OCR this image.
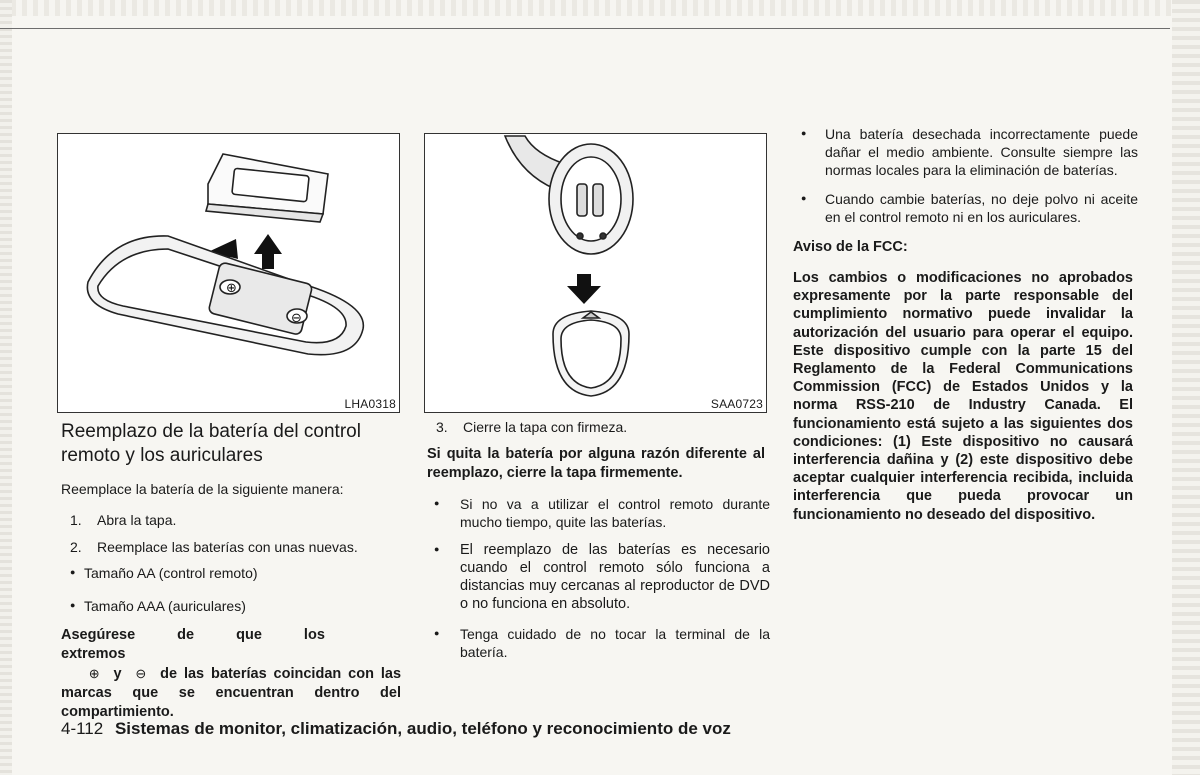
⊕
⊖
LHA0318	SAA0723
Reemplazo de la batería del control remoto y los auriculares

Reemplace la batería de la siguiente manera:

1.	Abra la tapa.
2.	Reemplace las baterías con unas nuevas.
●
Tamaño AA (control remoto)
●
Tamaño AAA (auriculares)
Asegúrese de que los extremos
⊕ y ⊖ de las baterías coincidan con las marcas que se encuentran dentro del compartimiento.
3.	Cierre la tapa con firmeza.

Si quita la batería por alguna razón diferente al reemplazo, cierre la tapa firmemente.

●
Si no va a utilizar el control remoto durante mucho tiempo, quite las baterías.
●
El reemplazo de las baterías es necesario cuando el control remoto sólo funciona a distancias muy cercanas al reproductor de DVD o no funciona en absoluto.
●
Tenga cuidado de no tocar la terminal de la batería.
●
Una batería desechada incorrectamente puede dañar el medio ambiente. Consulte siempre las normas locales para la eliminación de baterías.
●
Cuando cambie baterías, no deje polvo ni aceite en el control remoto ni en los auriculares.

Aviso de la FCC:

Los cambios o modificaciones no aprobados expresamente por la parte responsable del cumplimiento normativo puede invalidar la autorización del usuario para operar el equipo. Este dispositivo cumple con la parte 15 del Reglamento de la Federal Communications Commission (FCC) de Estados Unidos y la norma RSS-210 de Industry Canada. El funcionamiento está sujeto a las siguientes dos condiciones: (1) Este dispositivo no causará interferencia dañina y (2) este dispositivo debe aceptar cualquier interferencia recibida, incluida interferencia que pueda provocar un funcionamiento no deseado del dispositivo.

4-112 Sistemas de monitor, climatización, audio, teléfono y reconocimiento de voz
